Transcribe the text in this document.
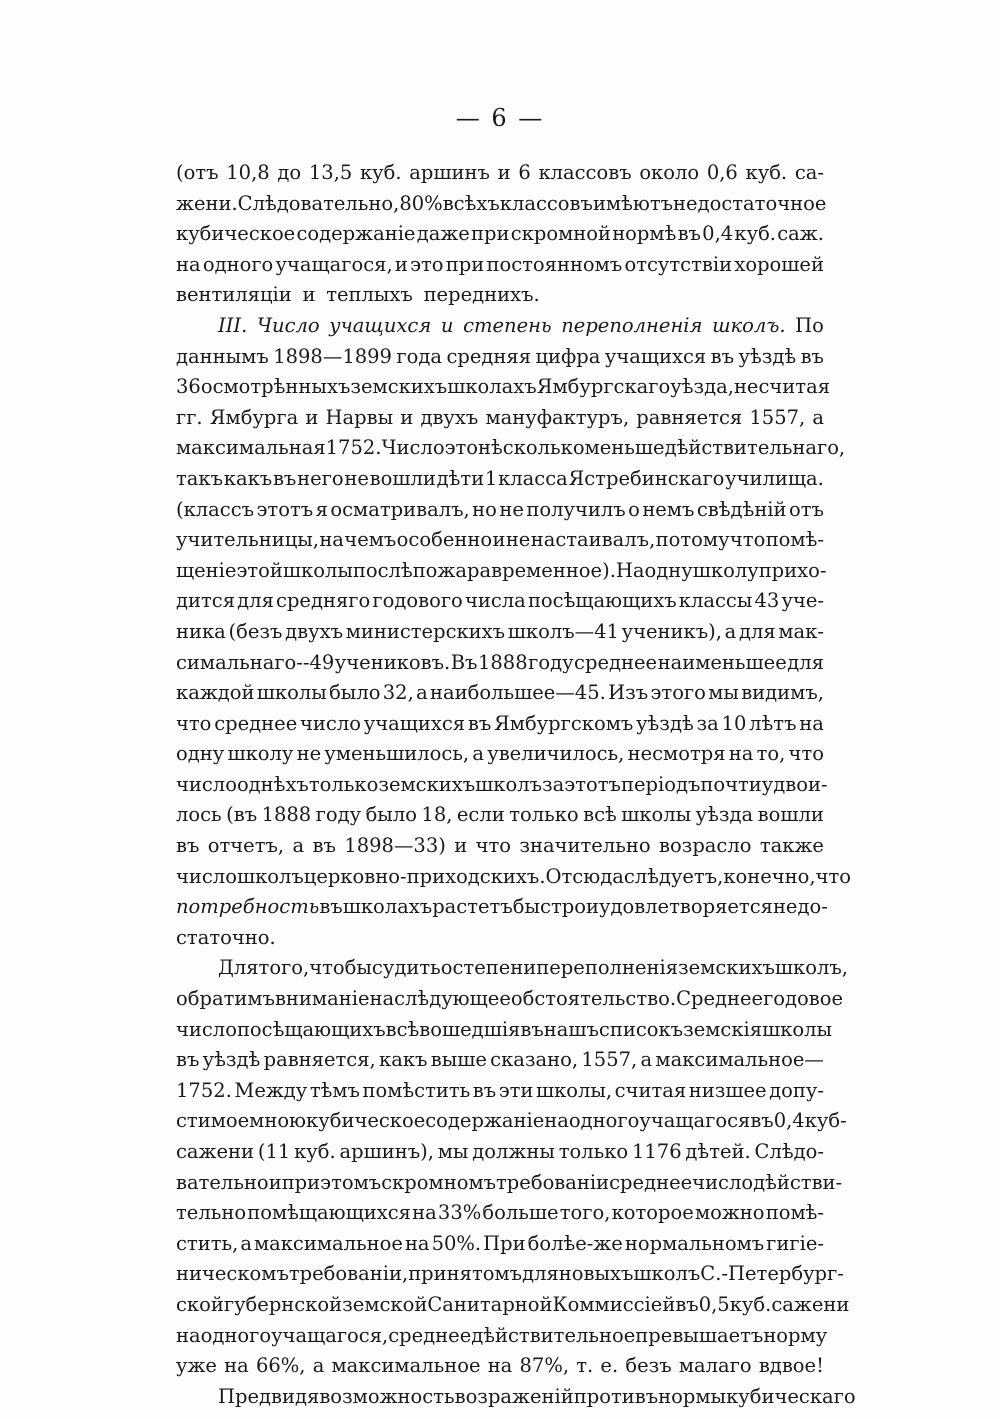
— 6 —
(отъ 10,8 до 13,5 куб. аршинъ и 6 классовъ около 0,6 куб. са-
жени. Слѣдовательно, 80% всѣхъ классовъ имѣютъ недостаточное
кубическое содержанie даже при скромной нормѣ въ 0,4 куб. саж.
на одного учащагося, и это при постоянномъ отсутствiи хорошей
вентиляцiи и теплыхъ переднихъ.
III. Число учащихся и степень переполненія школъ. По
даннымъ 1898—1899 года средняя цифра учащихся въ уѣздѣ въ
36 осмотрѣнныхъ земскихъ школахъ Ямбургскаго уѣзда, несчитая
гг. Ямбурга и Нарвы и двухъ мануфактуръ, равняется 1557, а
максимальная 1752. Число это нѣсколько меньше дѣйствительнаго,
такъ какъ въ него не вошли дѣти 1 класса Ястребинскаго училища.
(классъ этотъ я осматривалъ, но не получилъ о немъ свѣдѣнiй отъ
учительницы, на чемъ особенно и не настаивалъ, потому что помѣ-
щенiе этой школы послѣ пожара временное). На одну школу прихо-
дится для средняго годового числа посѣщающихъ классы 43 уче-
ника (безъ двухъ министерскихъ школъ—41 ученикъ), а для мак-
симальнаго--49 учениковъ. Въ 1888 году среднее наименьшее для
каждой школы было 32, а наибольшее—45. Изъ этого мы видимъ,
что среднее число учащихся въ Ямбургскомъ уѣздѣ за 10 лѣтъ на
одну школу не уменьшилось, а увеличилось, несмотря на то, что
число однѣхъ только земскихъ школъ за этотъ перiодъ почти удвои-
лось (въ 1888 году было 18, если только всѣ школы уѣзда вошли
въ отчетъ, а въ 1898—33) и что значительно возрасло также
число школъ церковно-приходскихъ. Отсюда слѣдуетъ, конечно, что
потребность въ школахъ растетъ быстро и удовлетворяется недо-
статочно.
Для того, чтобы судить о степени переполненія земскихъ школъ,
обратимъ вниманіе на слѣдующее обстоятельство. Среднее годовое
число посѣщающихъ всѣ вошедшія въ нашъ списокъ земскія школы
въ уѣздѣ равняется, какъ выше сказано, 1557, а максимальное—
1752. Между тѣмъ помѣстить въ эти школы, считая низшее допу-
стимое мною кубическое содержанiе на одного учащагося въ 0,4 куб-
сажени (11 куб. аршинъ), мы должны только 1176 дѣтей. Слѣдо-
вательно и при этомъ скромномъ требованiи среднее число дѣйстви-
тельно помѣщающихся на 33% больше того, которое можно помѣ-
стить, а максимальное на 50%. При болѣе-же нормальномъ гигіе-
ническомъ требованiи, принятомъ для новыхъ школъ С.-Петербург-
ской губернской земской Санитарной Коммиссiей въ 0,5 куб. сажени
на одного учащагося, среднее дѣйствительное превышаетъ норму
уже на 66%, а максимальное на 87%, т. е. безъ малаго вдвое!
Предвидя возможность возраженій противъ нормы кубическаго
